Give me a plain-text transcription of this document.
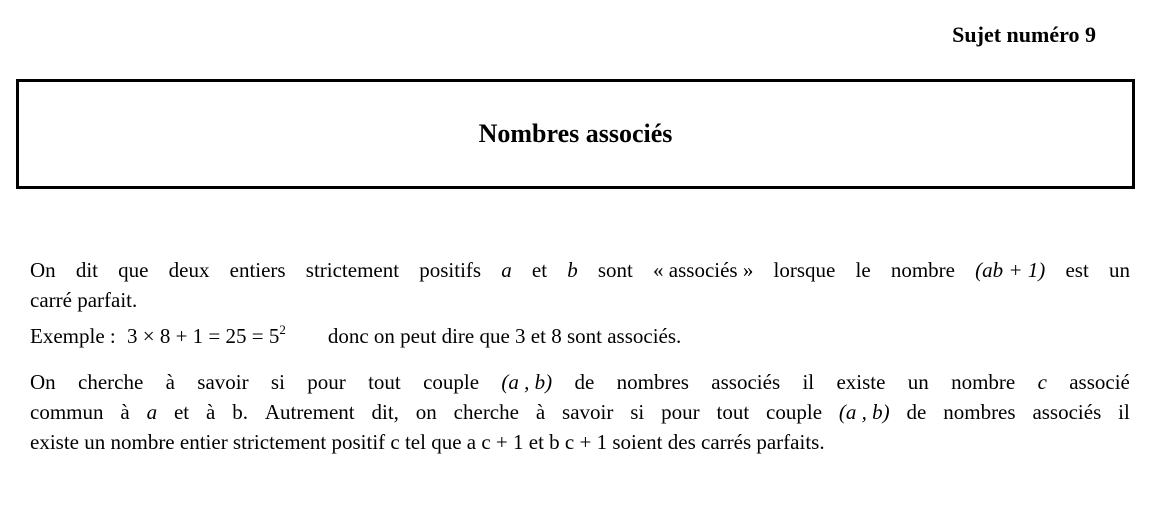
Sujet numéro 9
Nombres associés
On dit que deux entiers strictement positifs a et b sont « associés » lorsque le nombre (ab + 1) est un
carré parfait.
Exemple : $3 \times 8 + 1 = 25 = 5^2$ donc on peut dire que 3 et 8 sont associés.
On cherche à savoir si pour tout couple (a , b) de nombres associés il existe un nombre c associé
commun à a et à b. Autrement dit, on cherche à savoir si pour tout couple (a , b) de nombres associés il
existe un nombre entier strictement positif c tel que a c + 1 et b c + 1 soient des carrés parfaits.
